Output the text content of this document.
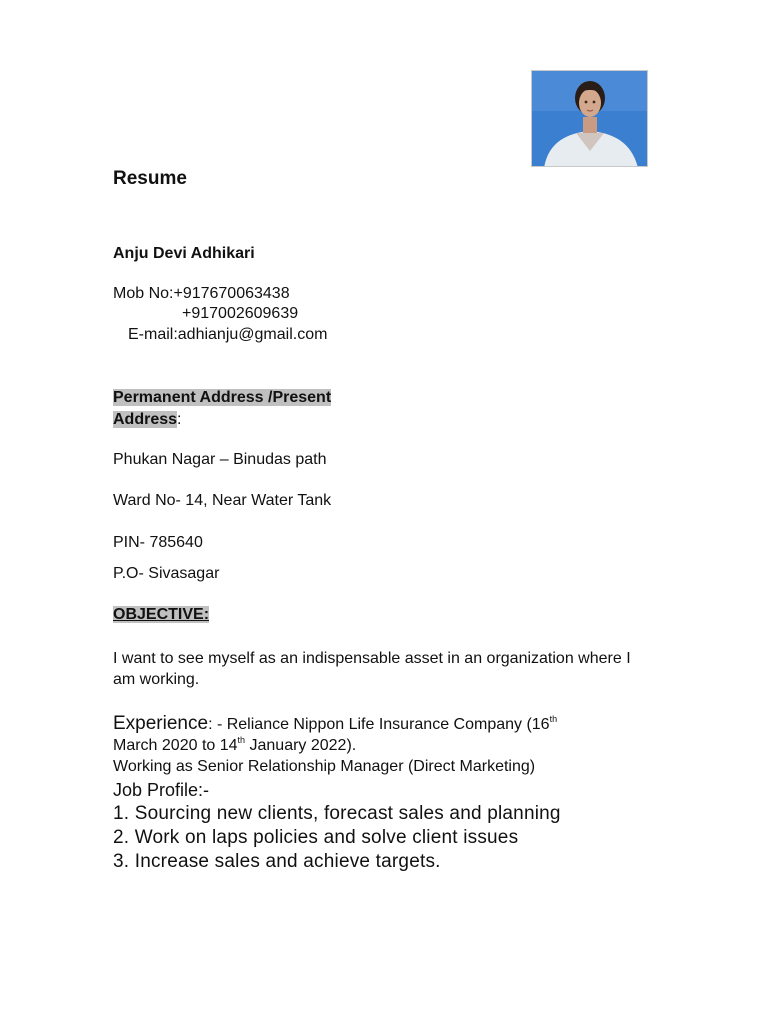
Resume
Anju Devi Adhikari
Mob No:+917670063438
+917002609639
E-mail:adhianju@gmail.com
Permanent Address /Present
Address:
Phukan Nagar – Binudas path
Ward No- 14, Near Water Tank
PIN- 785640
P.O- Sivasagar
OBJECTIVE:
I want to see myself as an indispensable asset in an organization where I am working.
Experience: - Reliance Nippon Life Insurance Company (16th
March 2020 to 14th January 2022).
Working as Senior Relationship Manager (Direct Marketing)
Job Profile:-
1. Sourcing new clients, forecast sales and planning
2. Work on laps policies and solve client issues
3. Increase sales and achieve targets.
